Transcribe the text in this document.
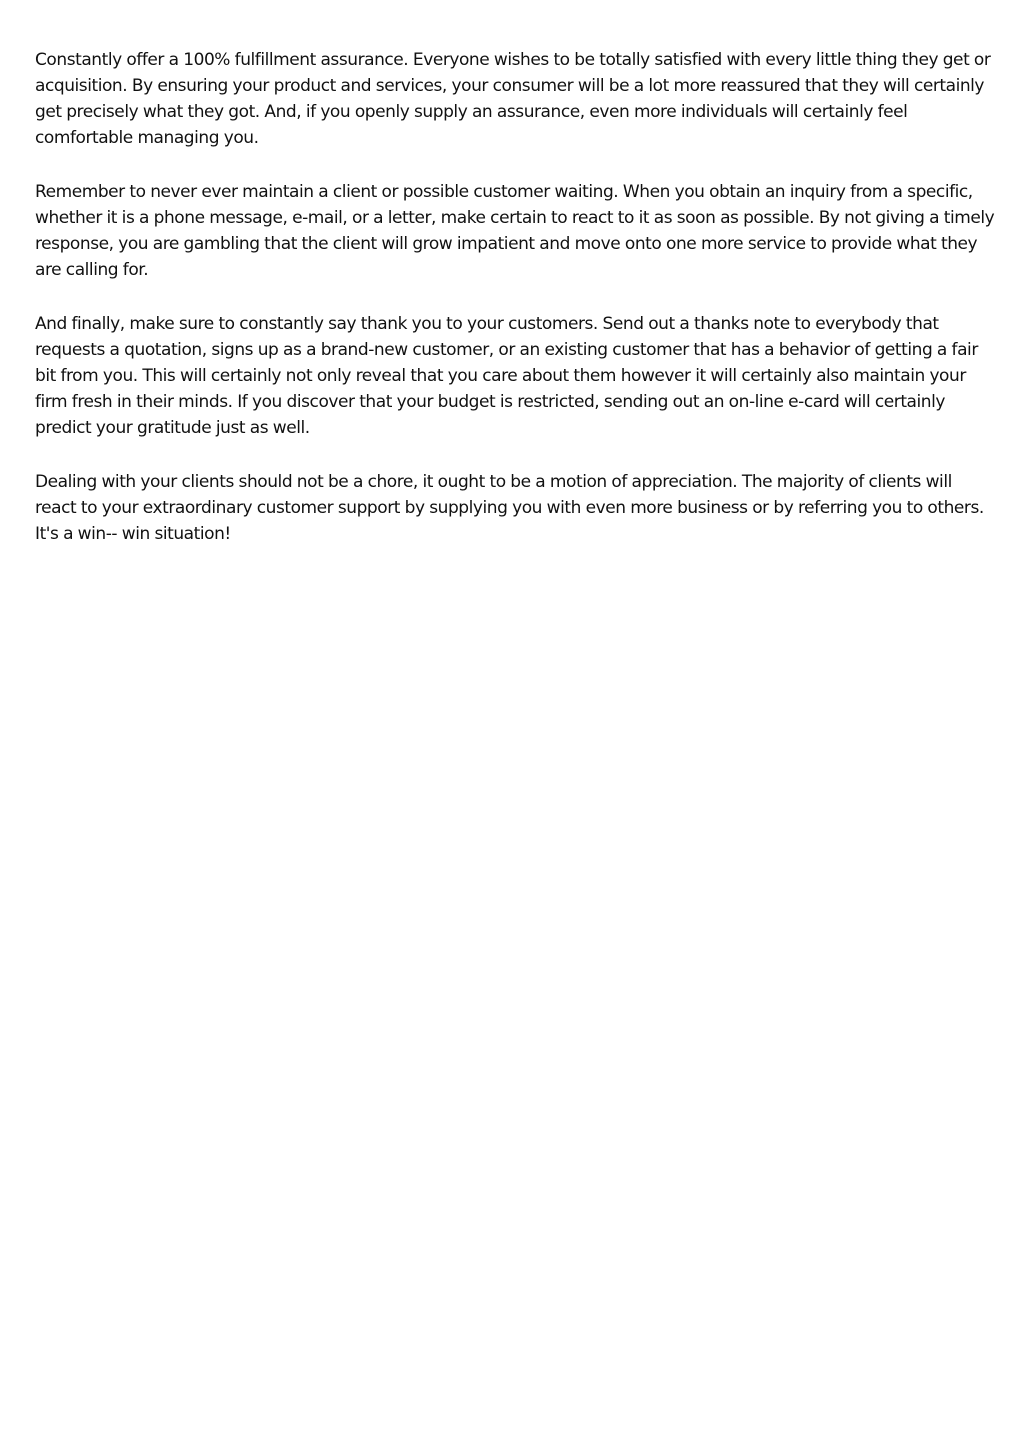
Constantly offer a 100% fulfillment assurance. Everyone wishes to be totally satisfied with every little thing they get or acquisition. By ensuring your product and services, your consumer will be a lot more reassured that they will certainly get precisely what they got. And, if you openly supply an assurance, even more individuals will certainly feel comfortable managing you.

Remember to never ever maintain a client or possible customer waiting. When you obtain an inquiry from a specific, whether it is a phone message, e-mail, or a letter, make certain to react to it as soon as possible. By not giving a timely response, you are gambling that the client will grow impatient and move onto one more service to provide what they are calling for.

And finally, make sure to constantly say thank you to your customers. Send out a thanks note to everybody that requests a quotation, signs up as a brand-new customer, or an existing customer that has a behavior of getting a fair bit from you. This will certainly not only reveal that you care about them however it will certainly also maintain your firm fresh in their minds. If you discover that your budget is restricted, sending out an on-line e-card will certainly predict your gratitude just as well.

Dealing with your clients should not be a chore, it ought to be a motion of appreciation. The majority of clients will react to your extraordinary customer support by supplying you with even more business or by referring you to others. It's a win-- win situation!
